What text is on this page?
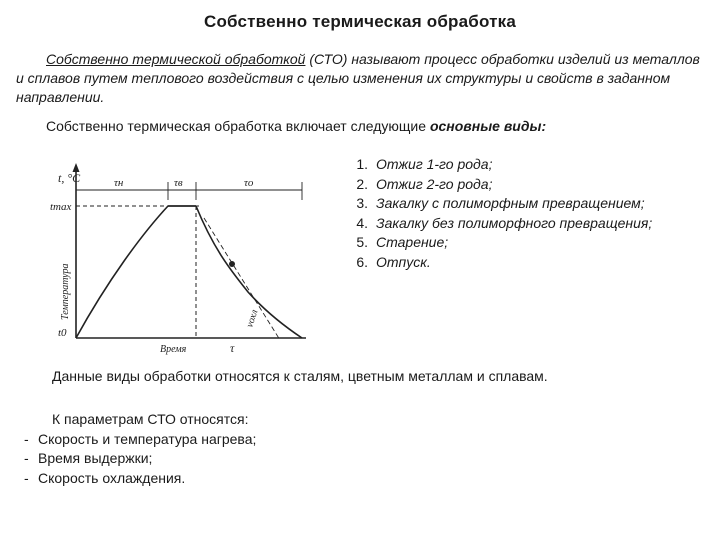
Собственно термическая обработка
Собственно термической обработкой (СТО) называют процесс обработки изделий из металлов и сплавов путем теплового воздействия с целью изменения их структуры и свойств в заданном направлении.
Собственно термическая обработка включает следующие основные виды:
t, °С
tmax
t0
Температура
Время	τ
τн	τв	τо
vохл
1. Отжиг 1-го рода;
2. Отжиг 2-го рода;
3. Закалку с полиморфным превращением;
4. Закалку без полиморфного превращения;
5. Старение;
6. Отпуск.
Данные виды обработки относятся к сталям, цветным металлам и сплавам.
К параметрам СТО относятся:
- Скорость и температура нагрева;
- Время выдержки;
- Скорость охлаждения.
